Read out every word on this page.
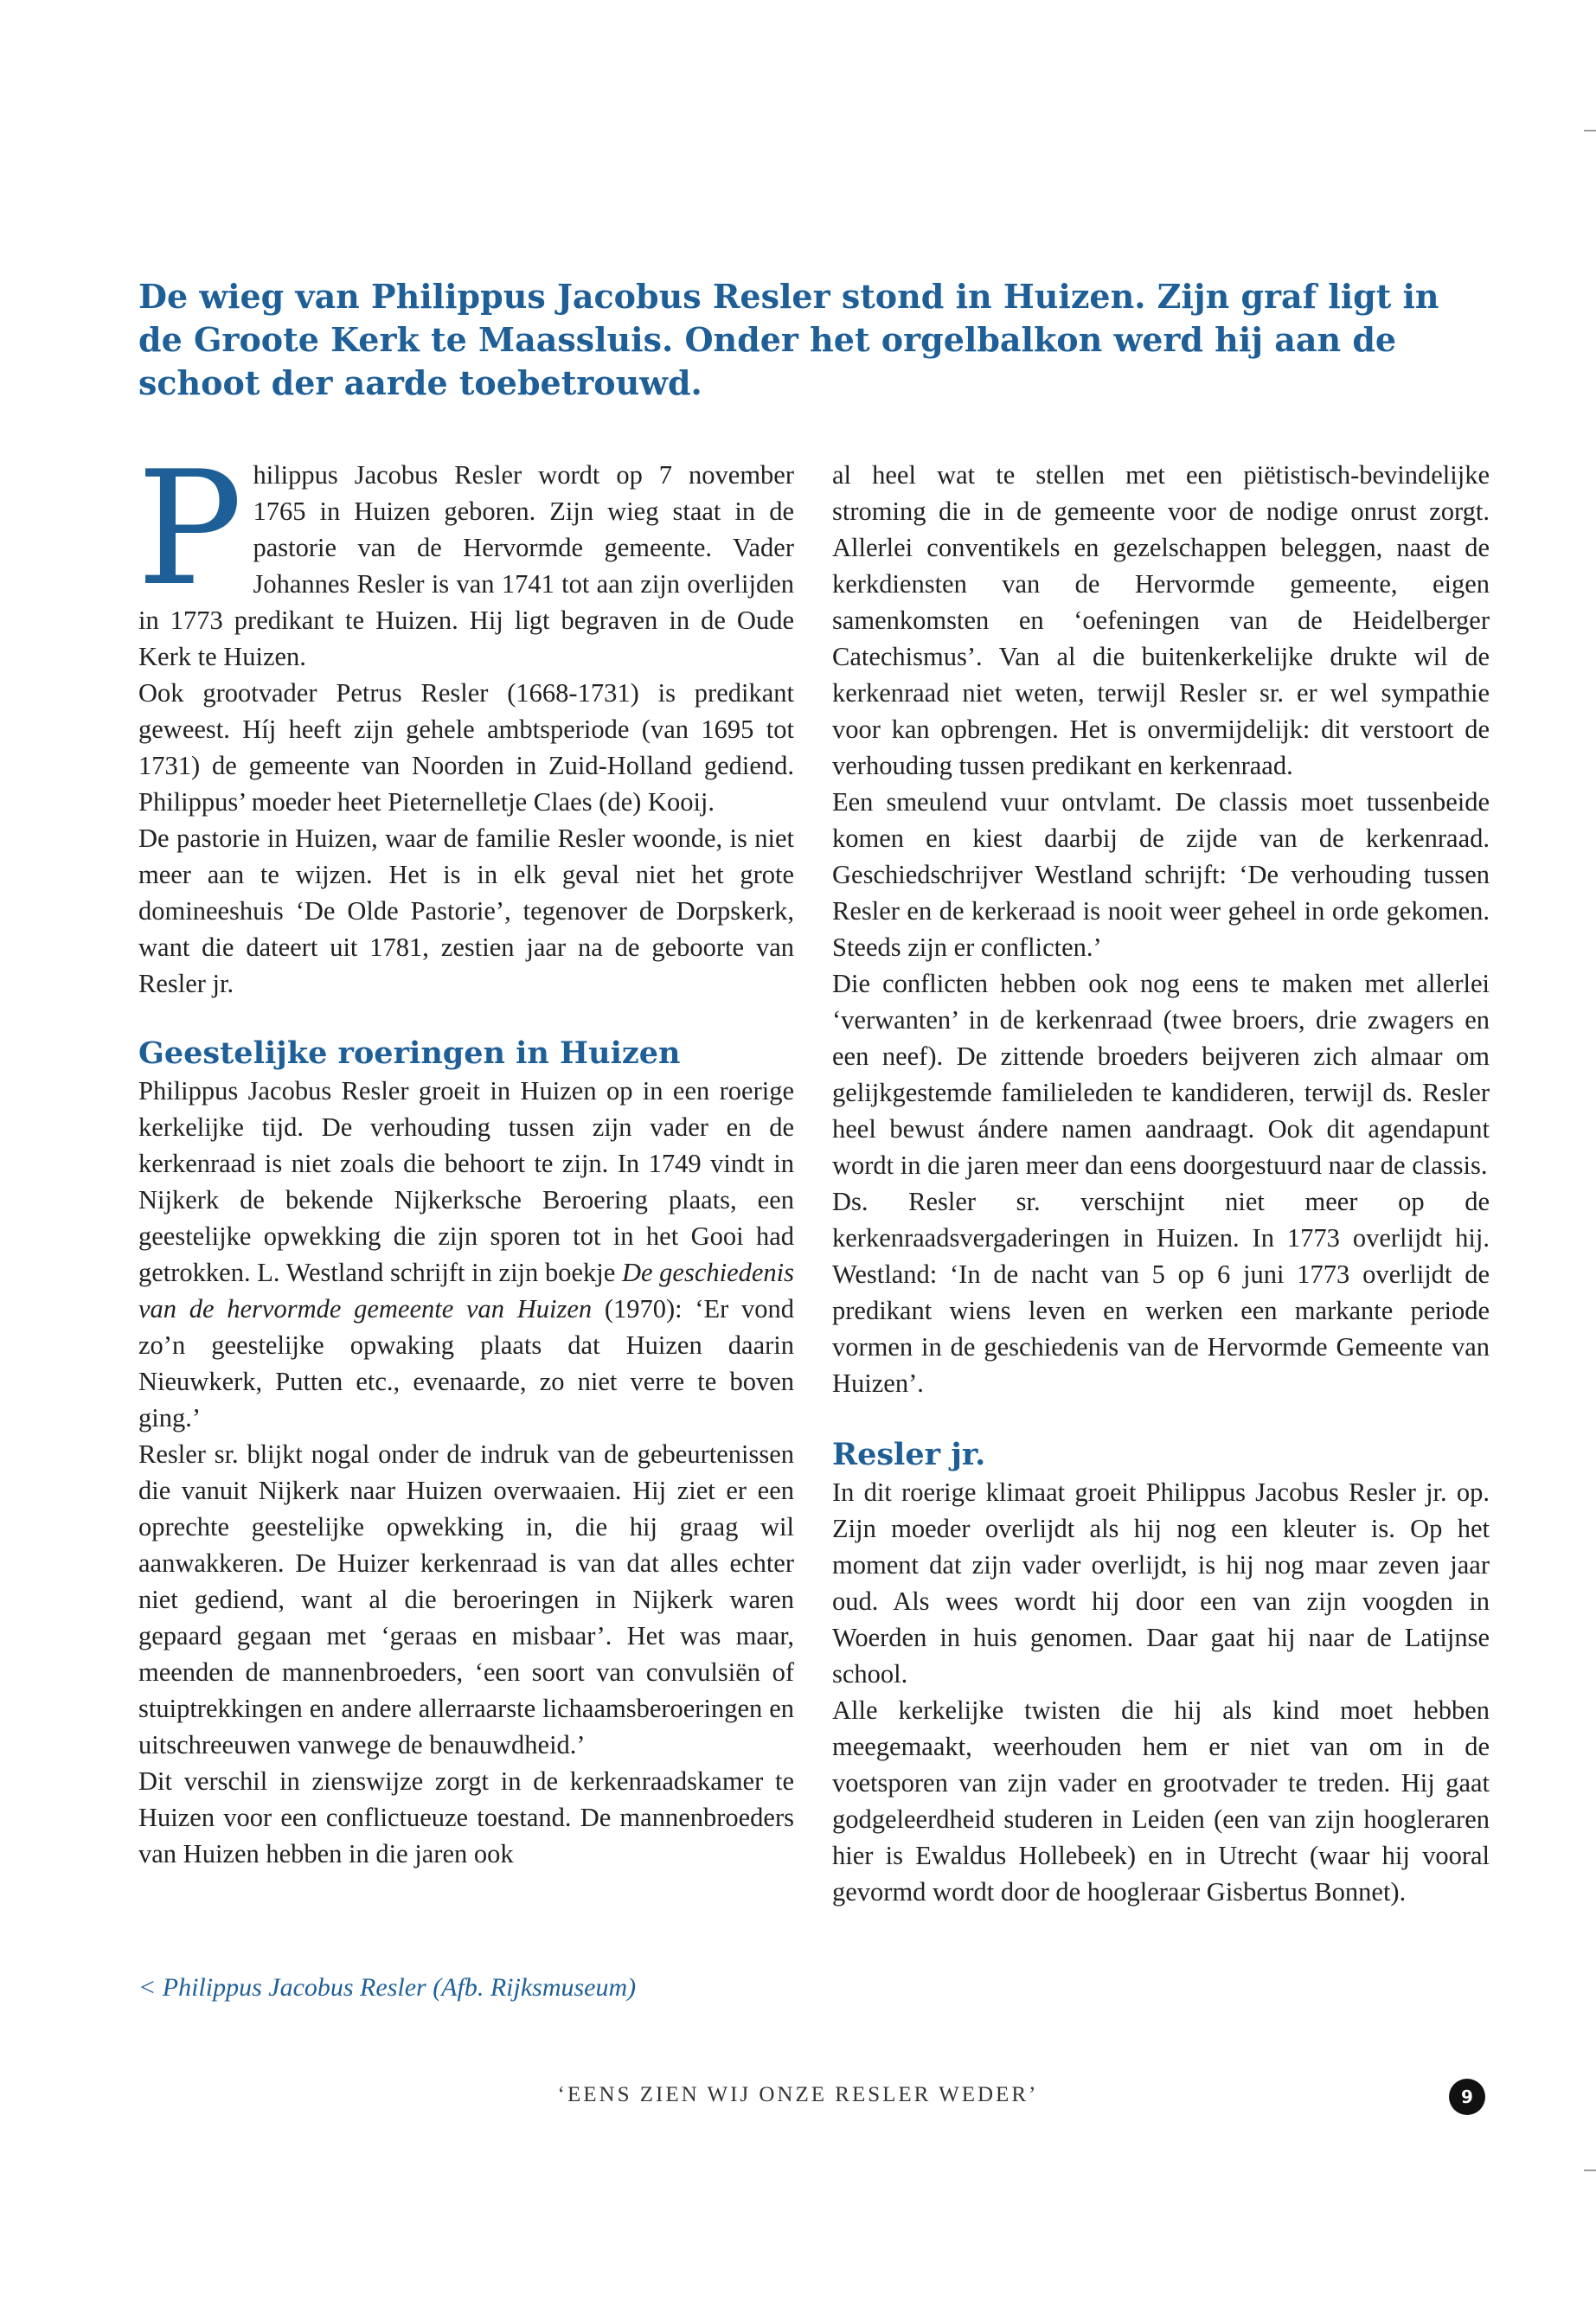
De wieg van Philippus Jacobus Resler stond in Huizen. Zijn graf ligt in de Groote Kerk te Maassluis. Onder het orgelbalkon werd hij aan de schoot der aarde toebetrouwd.

Philippus Jacobus Resler wordt op 7 november 1765 in Huizen geboren. Zijn wieg staat in de pastorie van de Hervormde gemeente. Vader Johannes Resler is van 1741 tot aan zijn overlijden in 1773 predikant te Huizen. Hij ligt begraven in de Oude Kerk te Huizen.

Ook grootvader Petrus Resler (1668-1731) is predikant geweest. Híj heeft zijn gehele ambtsperiode (van 1695 tot 1731) de gemeente van Noorden in Zuid-Holland gediend. Philippus’ moeder heet Pieternelletje Claes (de) Kooij.

De pastorie in Huizen, waar de familie Resler woonde, is niet meer aan te wijzen. Het is in elk geval niet het grote domineeshuis ‘De Olde Pastorie’, tegenover de Dorpskerk, want die dateert uit 1781, zestien jaar na de geboorte van Resler jr.

Geestelijke roeringen in Huizen

Philippus Jacobus Resler groeit in Huizen op in een roerige kerkelijke tijd. De verhouding tussen zijn vader en de kerkenraad is niet zoals die behoort te zijn. In 1749 vindt in Nijkerk de bekende Nijkerksche Beroering plaats, een geestelijke opwekking die zijn sporen tot in het Gooi had getrokken. L. Westland schrijft in zijn boekje De geschiedenis van de hervormde gemeente van Huizen (1970): ‘Er vond zo’n geestelijke opwaking plaats dat Huizen daarin Nieuwkerk, Putten etc., evenaarde, zo niet verre te boven ging.’

Resler sr. blijkt nogal onder de indruk van de gebeurtenissen die vanuit Nijkerk naar Huizen overwaaien. Hij ziet er een oprechte geestelijke opwekking in, die hij graag wil aanwakkeren. De Huizer kerkenraad is van dat alles echter niet gediend, want al die beroeringen in Nijkerk waren gepaard gegaan met ‘geraas en misbaar’. Het was maar, meenden de mannenbroeders, ‘een soort van convulsiën of stuiptrekkingen en andere allerraarste lichaamsberoeringen en uitschreeuwen vanwege de benauwdheid.’

Dit verschil in zienswijze zorgt in de kerkenraadskamer te Huizen voor een conflictueuze toestand. De mannenbroeders van Huizen hebben in die jaren ook

al heel wat te stellen met een piëtistisch-bevindelijke stroming die in de gemeente voor de nodige onrust zorgt. Allerlei conventikels en gezelschappen beleggen, naast de kerkdiensten van de Hervormde gemeente, eigen samenkomsten en ‘oefeningen van de Heidelberger Catechismus’. Van al die buitenkerkelijke drukte wil de kerkenraad niet weten, terwijl Resler sr. er wel sympathie voor kan opbrengen. Het is onvermijdelijk: dit verstoort de verhouding tussen predikant en kerkenraad.

Een smeulend vuur ontvlamt. De classis moet tussenbeide komen en kiest daarbij de zijde van de kerkenraad. Geschiedschrijver Westland schrijft: ‘De verhouding tussen Resler en de kerkeraad is nooit weer geheel in orde gekomen. Steeds zijn er conflicten.’

Die conflicten hebben ook nog eens te maken met allerlei ‘verwanten’ in de kerkenraad (twee broers, drie zwagers en een neef). De zittende broeders beijveren zich almaar om gelijkgestemde familieleden te kandideren, terwijl ds. Resler heel bewust ándere namen aandraagt. Ook dit agendapunt wordt in die jaren meer dan eens doorgestuurd naar de classis.

Ds. Resler sr. verschijnt niet meer op de kerkenraadsvergaderingen in Huizen. In 1773 overlijdt hij. Westland: ‘In de nacht van 5 op 6 juni 1773 overlijdt de predikant wiens leven en werken een markante periode vormen in de geschiedenis van de Hervormde Gemeente van Huizen’.

Resler jr.

In dit roerige klimaat groeit Philippus Jacobus Resler jr. op. Zijn moeder overlijdt als hij nog een kleuter is. Op het moment dat zijn vader overlijdt, is hij nog maar zeven jaar oud. Als wees wordt hij door een van zijn voogden in Woerden in huis genomen. Daar gaat hij naar de Latijnse school.

Alle kerkelijke twisten die hij als kind moet hebben meegemaakt, weerhouden hem er niet van om in de voetsporen van zijn vader en grootvader te treden. Hij gaat godgeleerdheid studeren in Leiden (een van zijn hoogleraren hier is Ewaldus Hollebeek) en in Utrecht (waar hij vooral gevormd wordt door de hoogleraar Gisbertus Bonnet).

< Philippus Jacobus Resler (Afb. Rijksmuseum)

‘EENS ZIEN WIJ ONZE RESLER WEDER’	9
